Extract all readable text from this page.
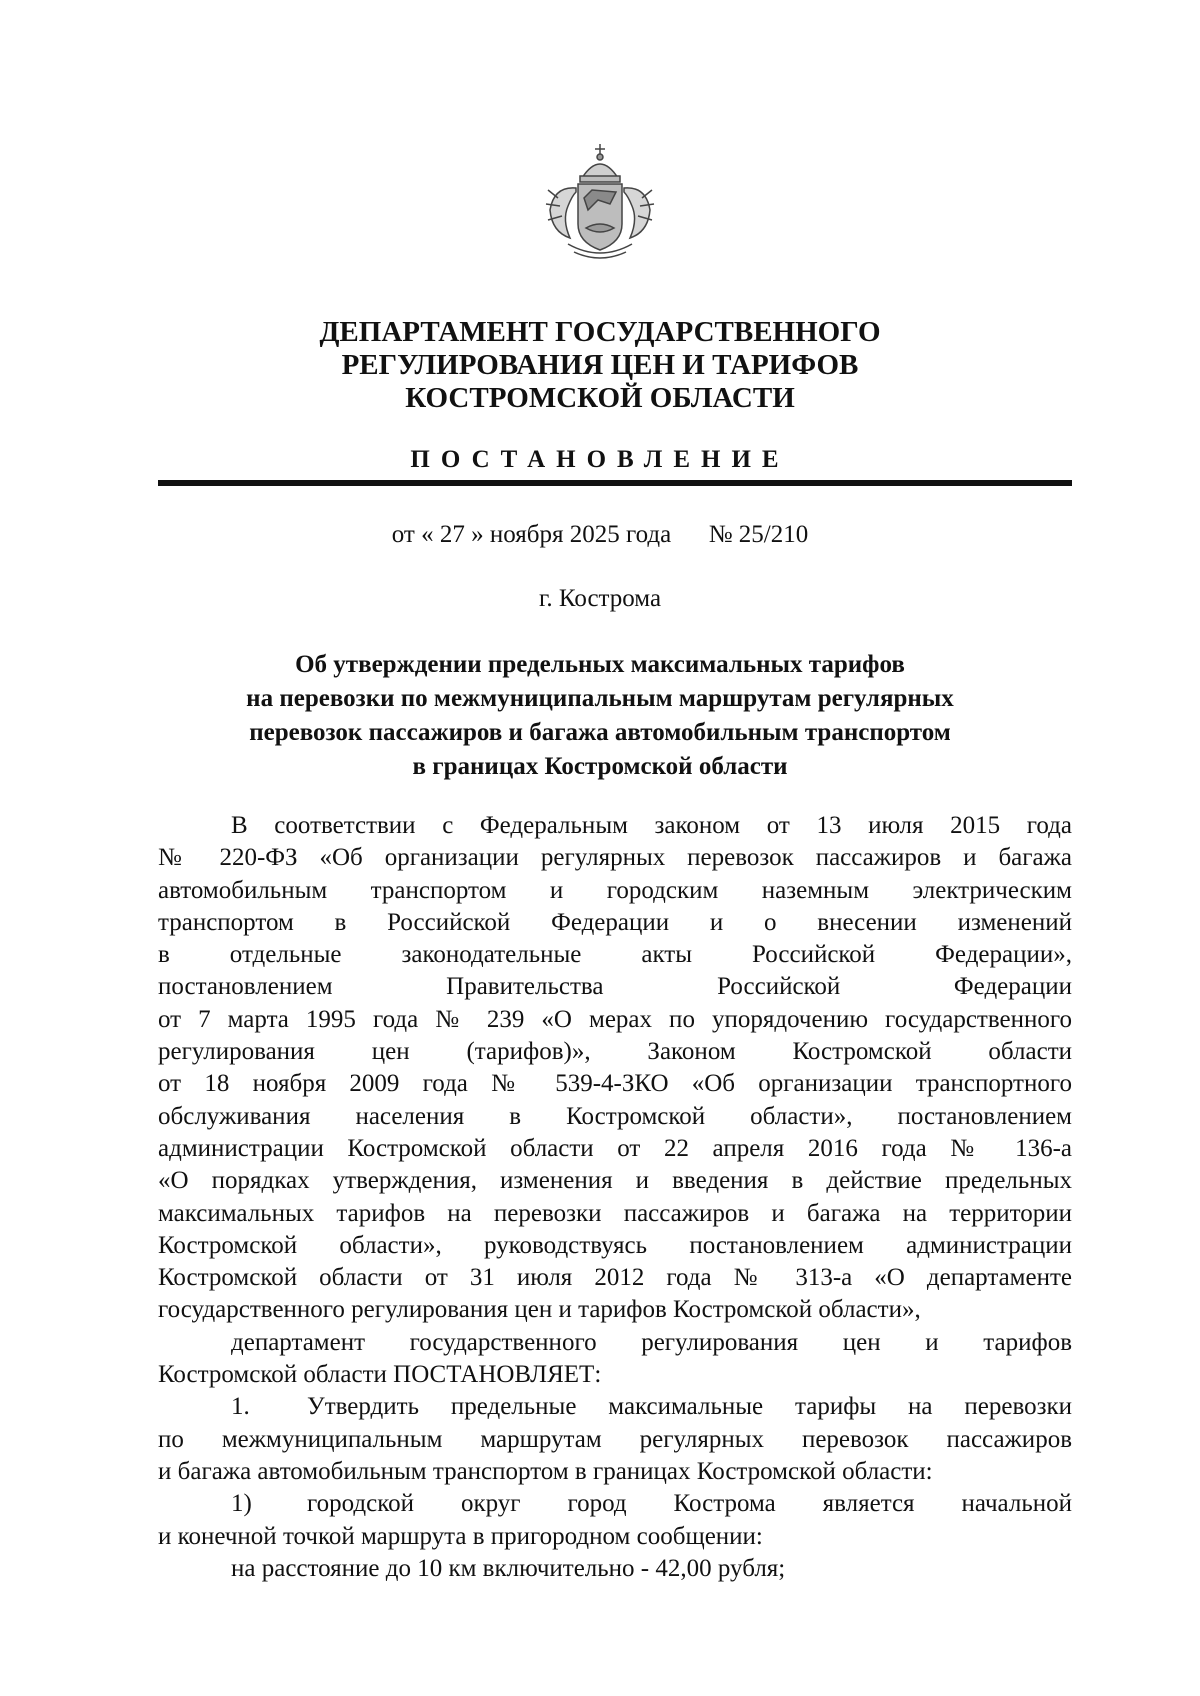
ДЕПАРТАМЕНТ ГОСУДАРСТВЕННОГО
РЕГУЛИРОВАНИЯ ЦЕН И ТАРИФОВ
КОСТРОМСКОЙ ОБЛАСТИ
ПОСТАНОВЛЕНИЕ
от « 27 » ноября 2025 года № 25/210
г. Кострома
Об утверждении предельных максимальных тарифов
на перевозки по межмуниципальным маршрутам регулярных
перевозок пассажиров и багажа автомобильным транспортом
в границах Костромской области
В соответствии с Федеральным законом от 13 июля 2015 года
№ 220-ФЗ «Об организации регулярных перевозок пассажиров и багажа
автомобильным транспортом и городским наземным электрическим
транспортом в Российской Федерации и о внесении изменений
в отдельные законодательные акты Российской Федерации»,
постановлением Правительства Российской Федерации
от 7 марта 1995 года № 239 «О мерах по упорядочению государственного
регулирования цен (тарифов)», Законом Костромской области
от 18 ноября 2009 года № 539-4-ЗКО «Об организации транспортного
обслуживания населения в Костромской области», постановлением
администрации Костромской области от 22 апреля 2016 года № 136-а
«О порядках утверждения, изменения и введения в действие предельных
максимальных тарифов на перевозки пассажиров и багажа на территории
Костромской области», руководствуясь постановлением администрации
Костромской области от 31 июля 2012 года № 313-а «О департаменте
государственного регулирования цен и тарифов Костромской области»,
департамент государственного регулирования цен и тарифов
Костромской области ПОСТАНОВЛЯЕТ:
1. Утвердить предельные максимальные тарифы на перевозки
по межмуниципальным маршрутам регулярных перевозок пассажиров
и багажа автомобильным транспортом в границах Костромской области:
1) городской округ город Кострома является начальной
и конечной точкой маршрута в пригородном сообщении:
на расстояние до 10 км включительно - 42,00 рубля;
